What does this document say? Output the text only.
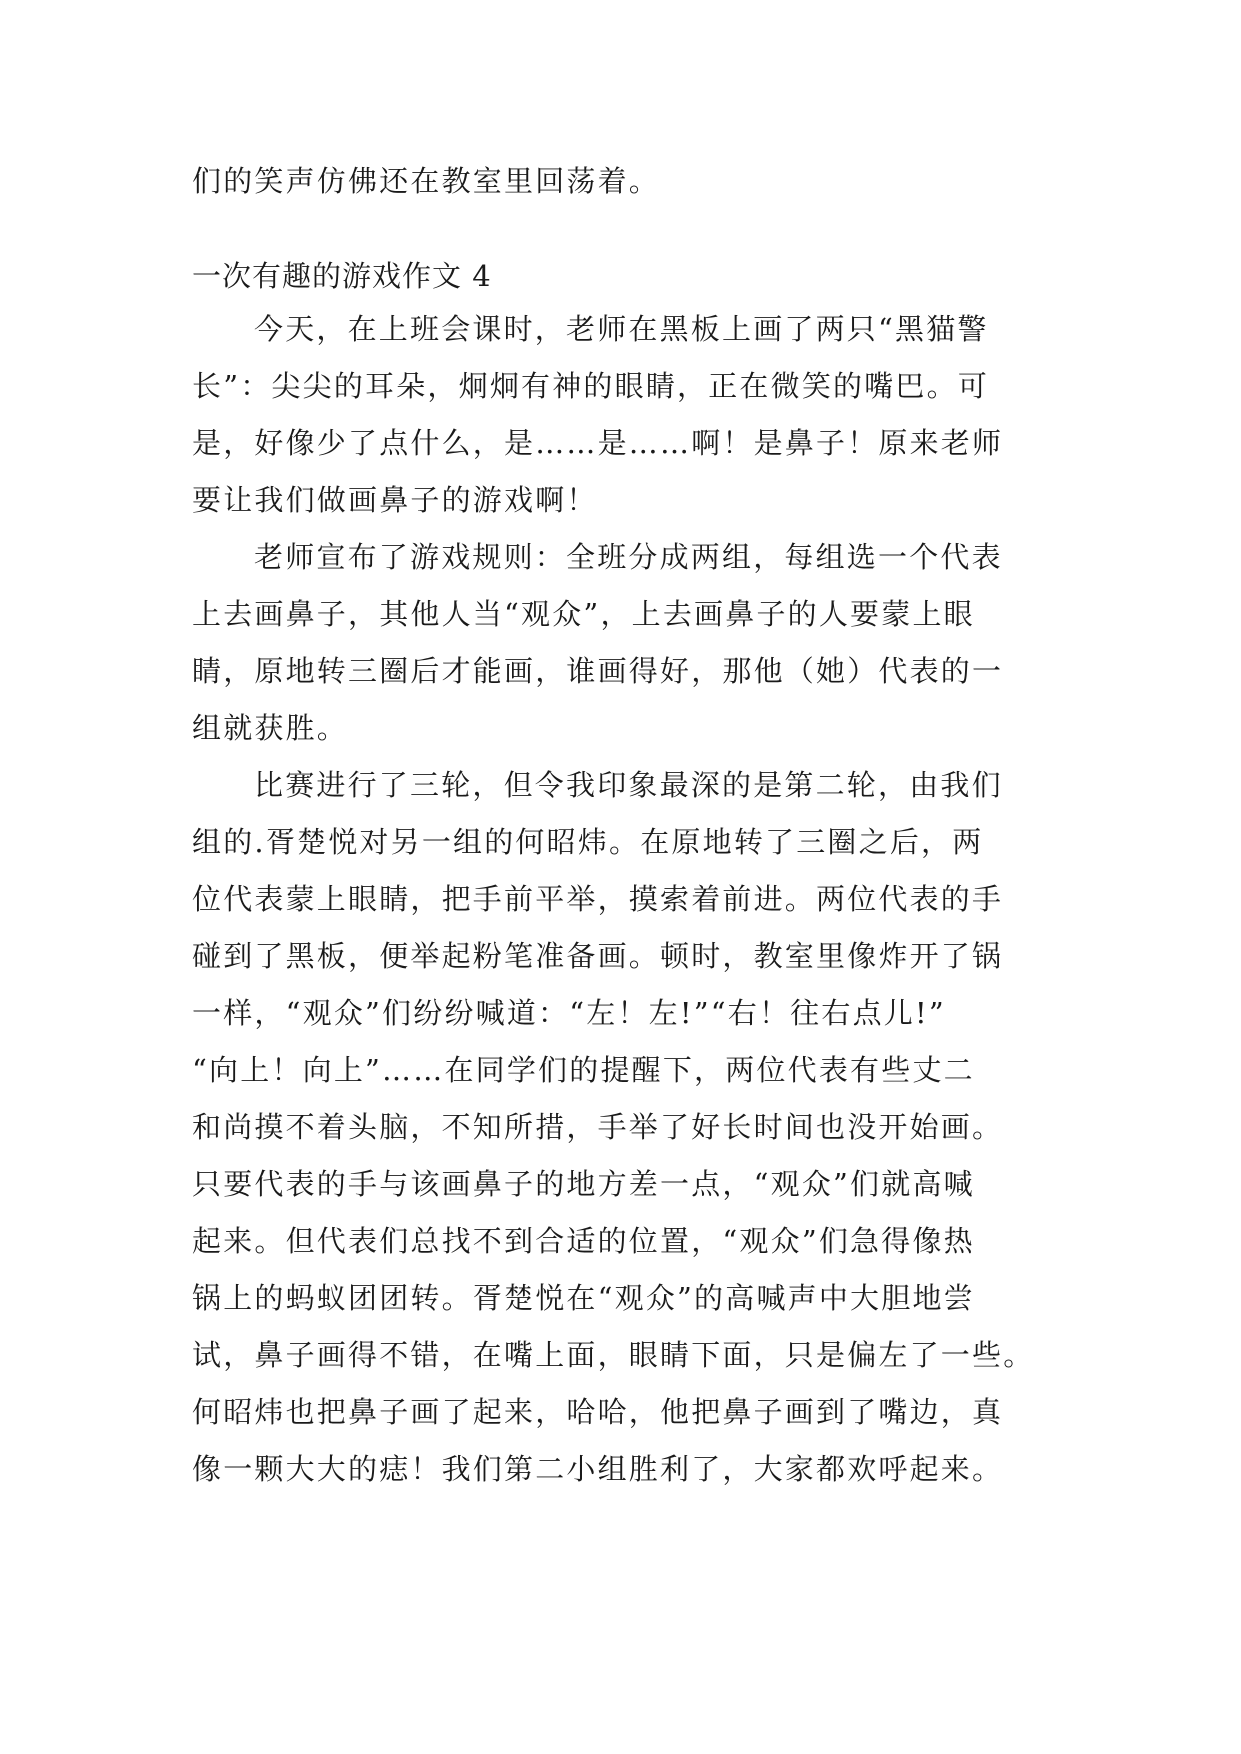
们的笑声仿佛还在教室里回荡着。
一次有趣的游戏作文 4
今天，在上班会课时，老师在黑板上画了两只“黑猫警
长”：尖尖的耳朵，炯炯有神的眼睛，正在微笑的嘴巴。可
是，好像少了点什么，是……是……啊！是鼻子！原来老师
要让我们做画鼻子的游戏啊！
老师宣布了游戏规则：全班分成两组，每组选一个代表
上去画鼻子，其他人当“观众”，上去画鼻子的人要蒙上眼
睛，原地转三圈后才能画，谁画得好，那他（她）代表的一
组就获胜。
比赛进行了三轮，但令我印象最深的是第二轮，由我们
组的.胥楚悦对另一组的何昭炜。在原地转了三圈之后，两
位代表蒙上眼睛，把手前平举，摸索着前进。两位代表的手
碰到了黑板，便举起粉笔准备画。顿时，教室里像炸开了锅
一样，“观众”们纷纷喊道：“左！左!”“右！往右点儿!”
“向上！向上”……在同学们的提醒下，两位代表有些丈二
和尚摸不着头脑，不知所措，手举了好长时间也没开始画。
只要代表的手与该画鼻子的地方差一点，“观众”们就高喊
起来。但代表们总找不到合适的位置，“观众”们急得像热
锅上的蚂蚁团团转。胥楚悦在“观众”的高喊声中大胆地尝
试，鼻子画得不错，在嘴上面，眼睛下面，只是偏左了一些。
何昭炜也把鼻子画了起来，哈哈，他把鼻子画到了嘴边，真
像一颗大大的痣！我们第二小组胜利了，大家都欢呼起来。
